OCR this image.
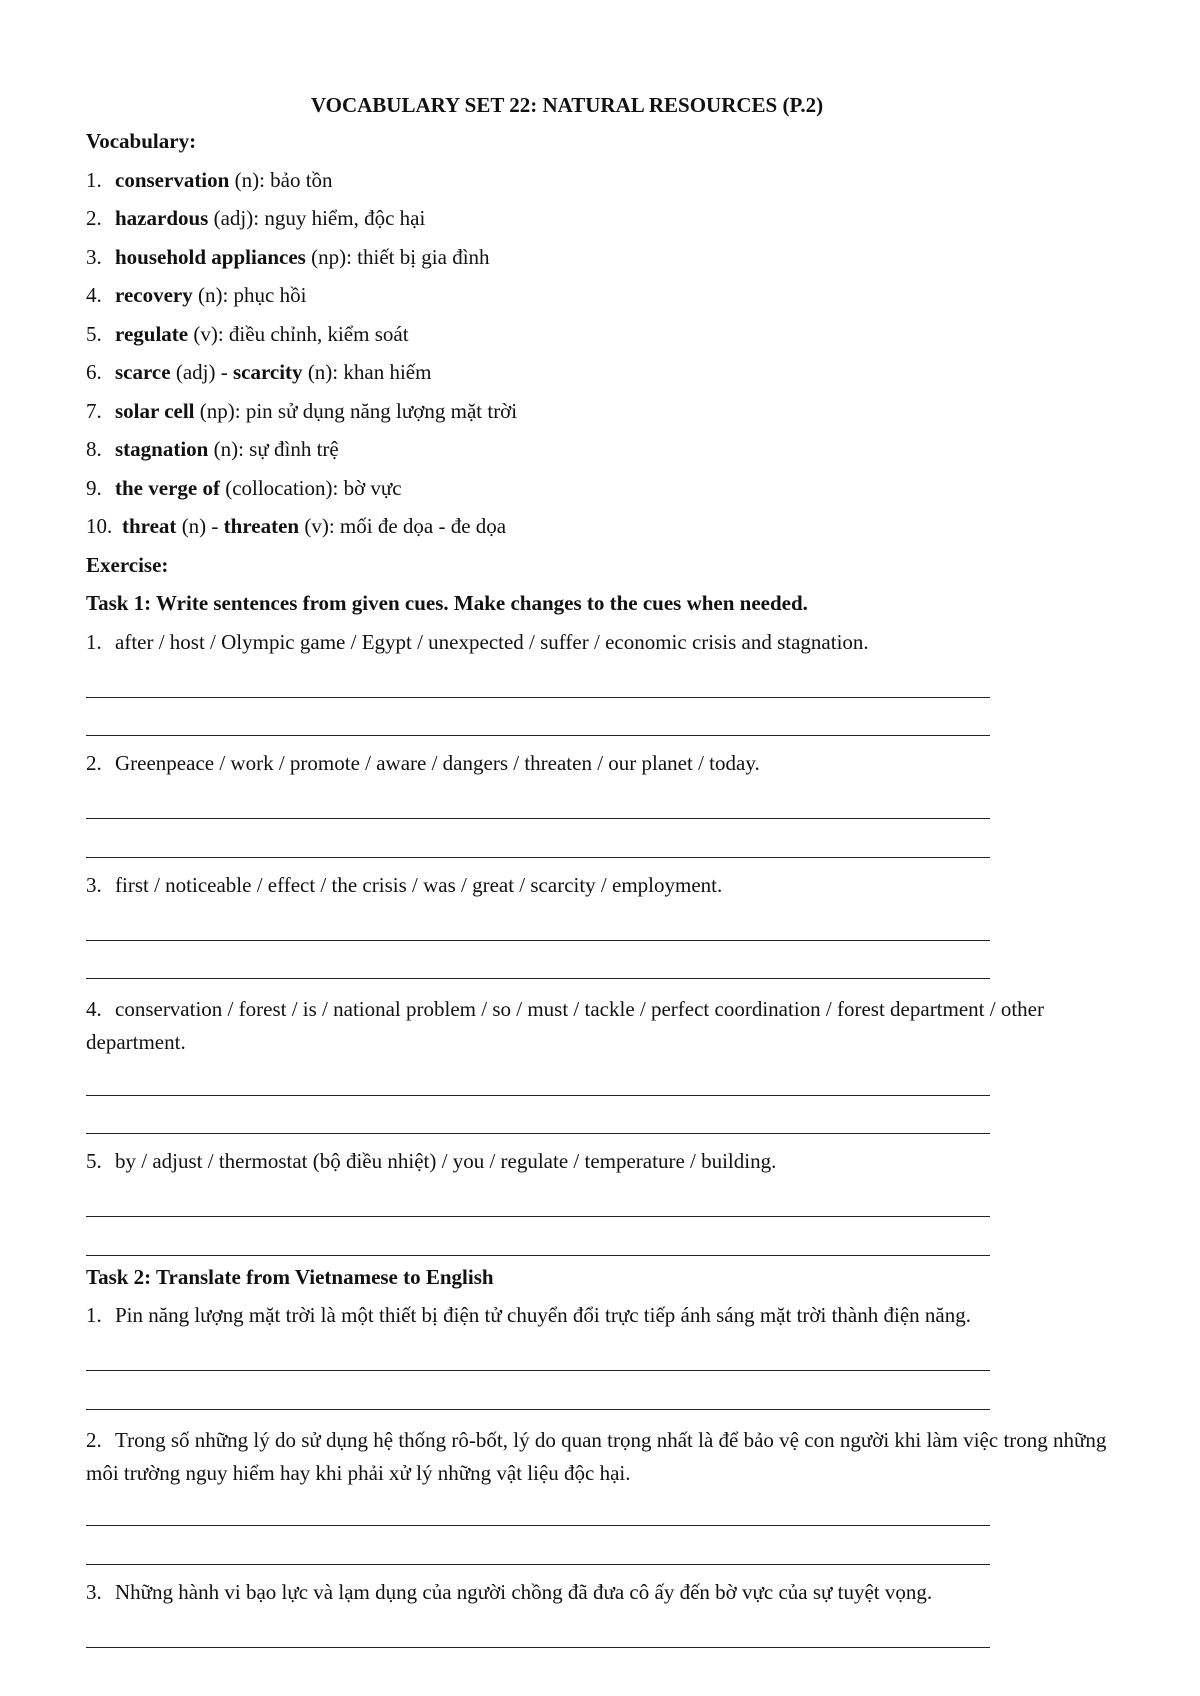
VOCABULARY SET 22: NATURAL RESOURCES (P.2)
Vocabulary:
1. conservation (n): bảo tồn
2. hazardous (adj): nguy hiểm, độc hại
3. household appliances (np): thiết bị gia đình
4. recovery (n): phục hồi
5. regulate (v): điều chỉnh, kiểm soát
6. scarce (adj) - scarcity (n): khan hiếm
7. solar cell (np): pin sử dụng năng lượng mặt trời
8. stagnation (n): sự đình trệ
9. the verge of (collocation): bờ vực
10. threat (n) - threaten (v): mối đe dọa - đe dọa
Exercise:
Task 1: Write sentences from given cues. Make changes to the cues when needed.
1. after / host / Olympic game / Egypt / unexpected / suffer / economic crisis and stagnation.
2. Greenpeace / work / promote / aware / dangers / threaten / our planet / today.
3. first / noticeable / effect / the crisis / was / great / scarcity / employment.
4. conservation / forest / is / national problem / so / must / tackle / perfect coordination / forest department / other department.
5. by / adjust / thermostat (bộ điều nhiệt) / you / regulate / temperature / building.
Task 2: Translate from Vietnamese to English
1. Pin năng lượng mặt trời là một thiết bị điện tử chuyển đổi trực tiếp ánh sáng mặt trời thành điện năng.
2. Trong số những lý do sử dụng hệ thống rô-bốt, lý do quan trọng nhất là để bảo vệ con người khi làm việc trong những môi trường nguy hiểm hay khi phải xử lý những vật liệu độc hại.
3. Những hành vi bạo lực và lạm dụng của người chồng đã đưa cô ấy đến bờ vực của sự tuyệt vọng.
